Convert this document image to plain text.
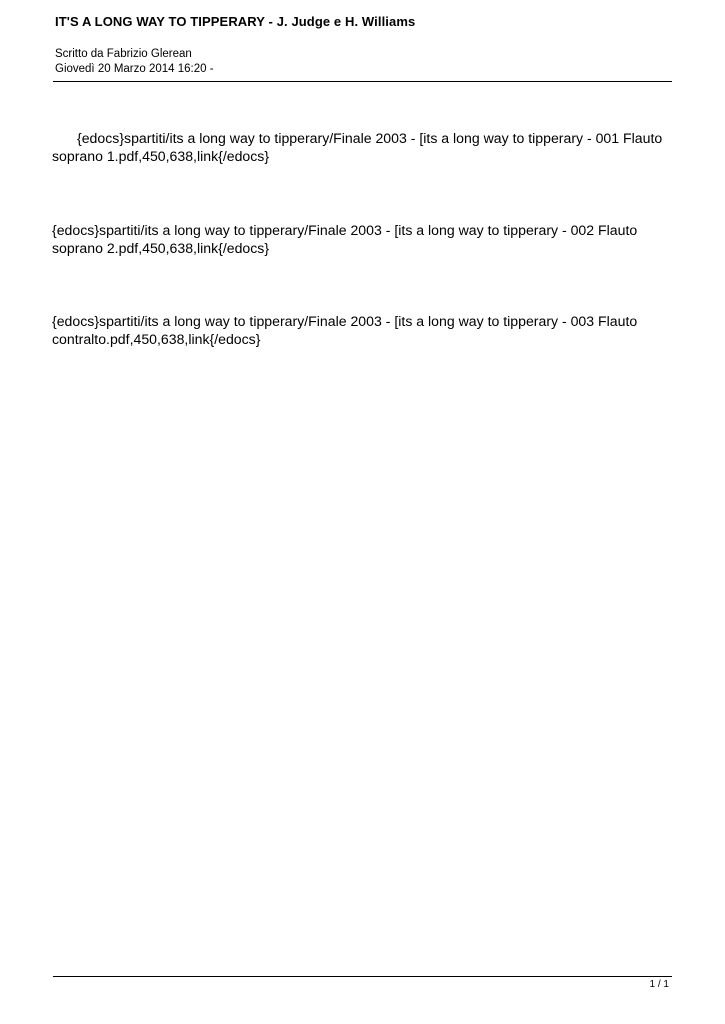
IT'S A LONG WAY TO TIPPERARY - J. Judge e H. Williams
Scritto da Fabrizio Glerean
Giovedì 20 Marzo 2014 16:20 -
{edocs}spartiti/its a long way to tipperary/Finale 2003 - [its a long way to tipperary - 001 Flauto soprano 1.pdf,450,638,link{/edocs}
{edocs}spartiti/its a long way to tipperary/Finale 2003 - [its a long way to tipperary - 002 Flauto soprano 2.pdf,450,638,link{/edocs}
{edocs}spartiti/its a long way to tipperary/Finale 2003 - [its a long way to tipperary - 003 Flauto contralto.pdf,450,638,link{/edocs}
1 / 1
